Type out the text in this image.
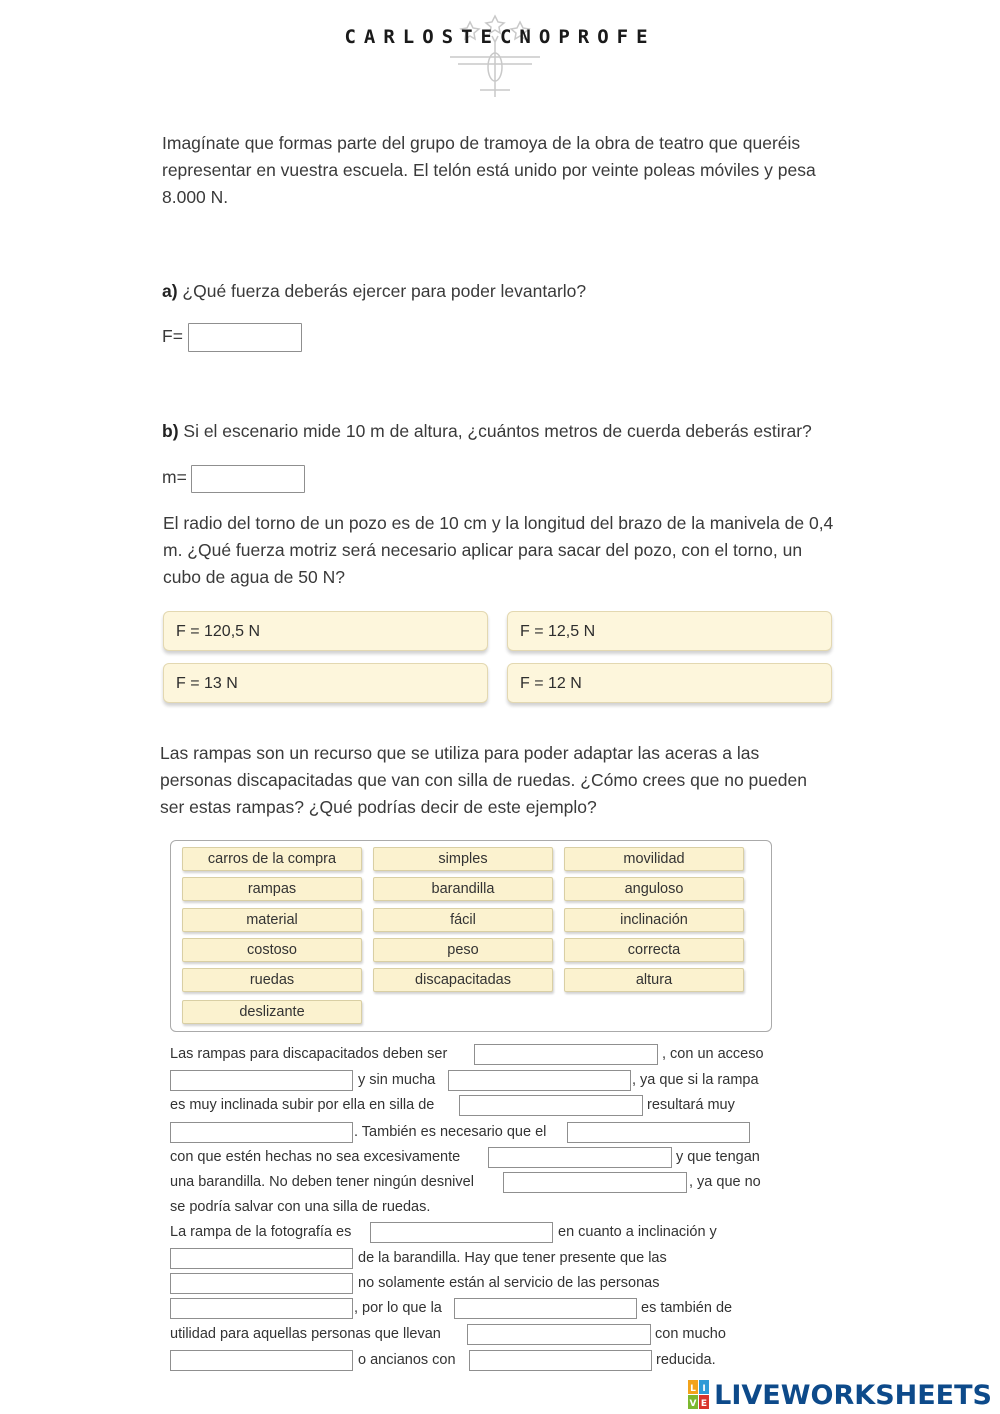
CARLOSTECNOPROFE
Imagínate que formas parte del grupo de tramoya de la obra de teatro que queréis
representar en vuestra escuela. El telón está unido por veinte poleas móviles y pesa
8.000 N.
a) ¿Qué fuerza deberás ejercer para poder levantarlo?
F=
b) Si el escenario mide 10 m de altura, ¿cuántos metros de cuerda deberás estirar?
m=
El radio del torno de un pozo es de 10 cm y la longitud del brazo de la manivela de 0,4
m. ¿Qué fuerza motriz será necesario aplicar para sacar del pozo, con el torno, un
cubo de agua de 50 N?
F = 120,5 N	F = 12,5 N
F = 13 N	F = 12 N
Las rampas son un recurso que se utiliza para poder adaptar las aceras a las
personas discapacitadas que van con silla de ruedas. ¿Cómo crees que no pueden
ser estas rampas? ¿Qué podrías decir de este ejemplo?
carros de la compra	simples	movilidad
rampas	barandilla	anguloso
material	fácil	inclinación
costoso	peso	correcta
ruedas	discapacitadas	altura
deslizante
Las rampas para discapacitados deben ser	, con un acceso
y sin mucha	, ya que si la rampa
es muy inclinada subir por ella en silla de	resultará muy
. También es necesario que el
con que estén hechas no sea excesivamente	y que tengan
una barandilla. No deben tener ningún desnivel	, ya que no
se podría salvar con una silla de ruedas.
La rampa de la fotografía es	en cuanto a inclinación y
de la barandilla. Hay que tener presente que las
no solamente están al servicio de las personas
, por lo que la	es también de
utilidad para aquellas personas que llevan	con mucho
o ancianos con	reducida.
L I
V E LIVEWORKSHEETS
